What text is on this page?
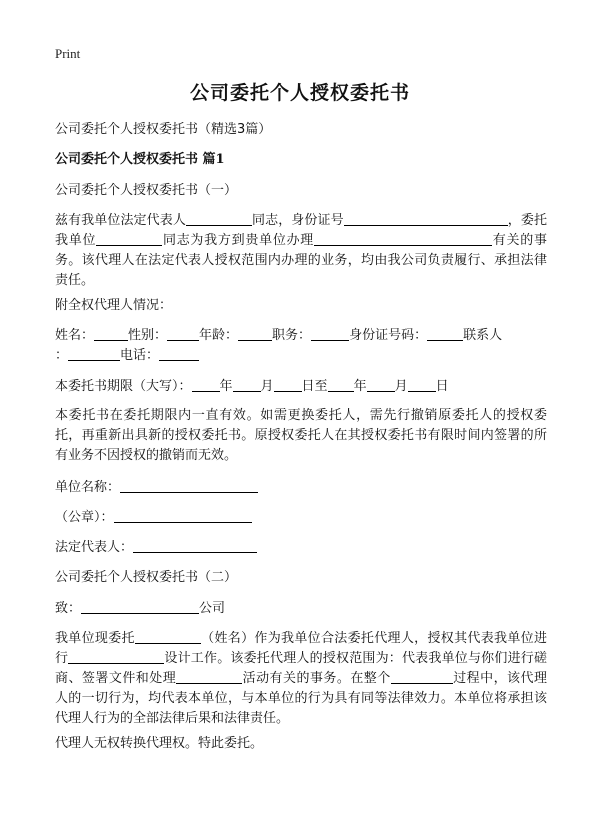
Print
公司委托个人授权委托书
公司委托个人授权委托书（精选3篇）
公司委托个人授权委托书 篇1
公司委托个人授权委托书（一）
兹有我单位法定代表人	同志，身份证号	，委托我单位	同志为我方到贵单位办理	有关的事务。该代理人在法定代表人授权范围内办理的业务，均由我公司负责履行、承担法律责任。
附全权代理人情况：
姓名：	性别： 年龄：	职务：	身份证号码：	联系人
：	电话：
本委托书期限（大写）： 年 月 日至 年 月 日
本委托书在委托期限内一直有效。如需更换委托人，需先行撤销原委托人的授权委托，再重新出具新的授权委托书。原授权委托人在其授权委托书有限时间内签署的所有业务不因授权的撤销而无效。
单位名称：
（公章）：
法定代表人：
公司委托个人授权委托书（二）
致：	公司
我单位现委托	（姓名）作为我单位合法委托代理人，授权其代表我单位进行	设计工作。该委托代理人的授权范围为：代表我单位与你们进行磋商、签署文件和处理	活动有关的事务。在整个	过程中，该代理人的一切行为，均代表本单位，与本单位的行为具有同等法律效力。本单位将承担该代理人行为的全部法律后果和法律责任。
代理人无权转换代理权。特此委托。
